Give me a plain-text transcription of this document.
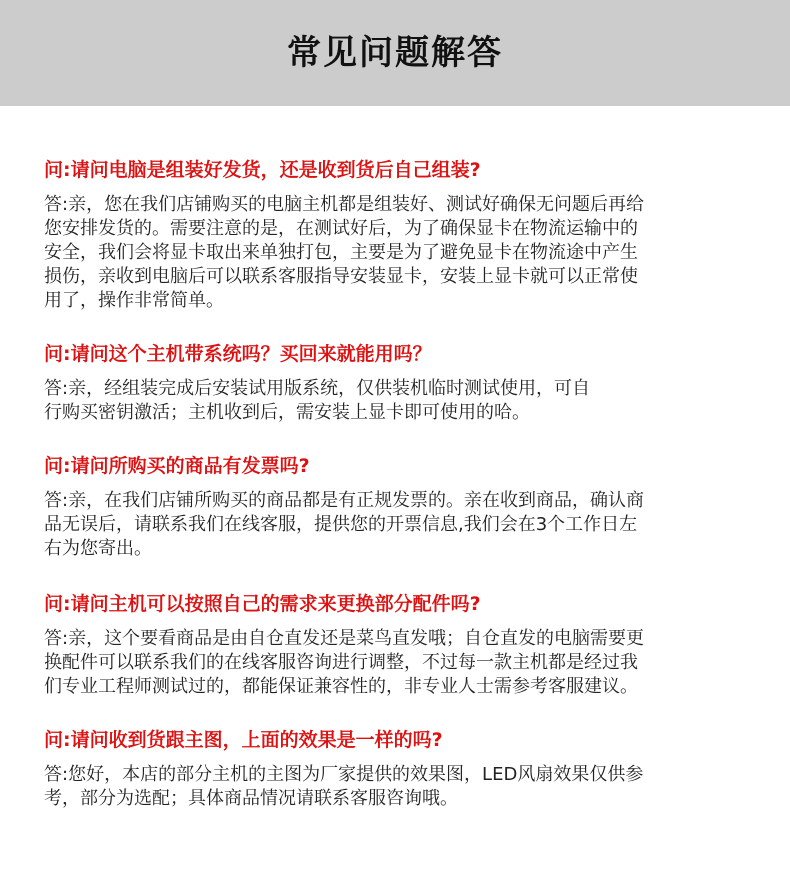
常见问题解答

问:请问电脑是组装好发货，还是收到货后自己组装?

答:亲，您在我们店铺购买的电脑主机都是组装好、测试好确保无问题后再给
您安排发货的。需要注意的是，在测试好后，为了确保显卡在物流运输中的
安全，我们会将显卡取出来单独打包，主要是为了避免显卡在物流途中产生
损伤，亲收到电脑后可以联系客服指导安装显卡，安装上显卡就可以正常使
用了，操作非常简单。

问:请问这个主机带系统吗？买回来就能用吗？

答:亲，经组装完成后安装试用版系统，仅供装机临时测试使用，可自
行购买密钥激活；主机收到后，需安装上显卡即可使用的哈。

问:请问所购买的商品有发票吗?

答:亲，在我们店铺所购买的商品都是有正规发票的。亲在收到商品，确认商
品无误后，请联系我们在线客服，提供您的开票信息,我们会在3个工作日左
右为您寄出。

问:请问主机可以按照自己的需求来更换部分配件吗?

答:亲，这个要看商品是由自仓直发还是菜鸟直发哦；自仓直发的电脑需要更
换配件可以联系我们的在线客服咨询进行调整，不过每一款主机都是经过我
们专业工程师测试过的，都能保证兼容性的，非专业人士需参考客服建议。

问:请问收到货跟主图，上面的效果是一样的吗?

答:您好，本店的部分主机的主图为厂家提供的效果图，LED风扇效果仅供参
考，部分为选配；具体商品情况请联系客服咨询哦。
